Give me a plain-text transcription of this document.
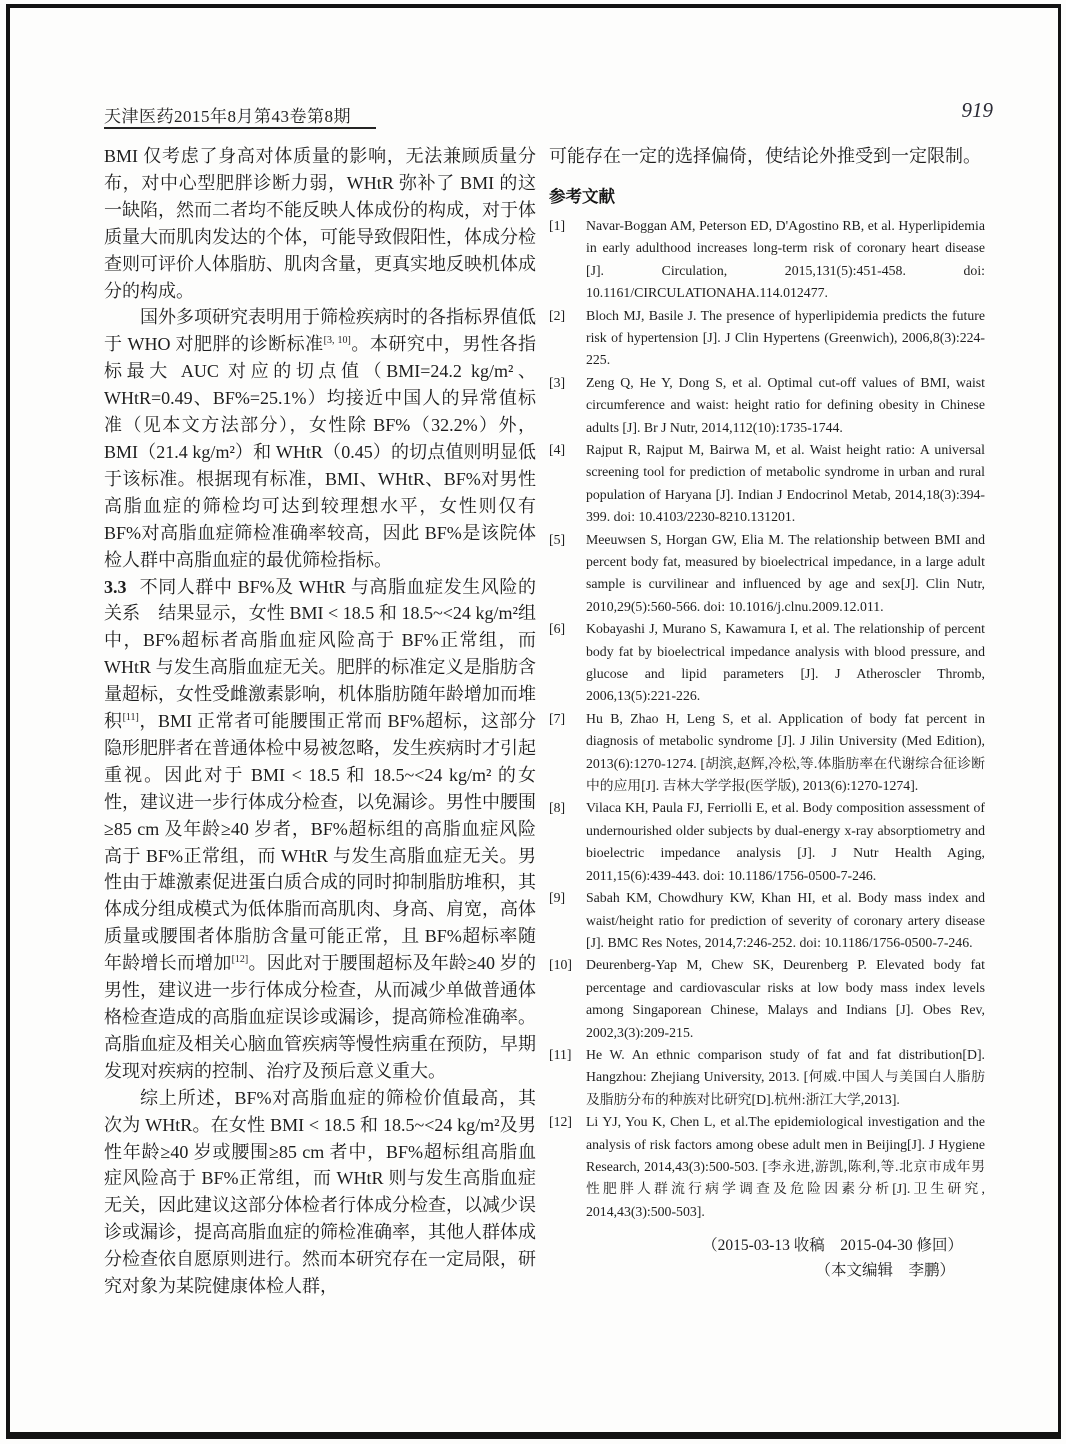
天津医药2015年8月第43卷第8期	919

BMI 仅考虑了身高对体质量的影响，无法兼顾质量分布，对中心型肥胖诊断力弱，WHtR 弥补了 BMI 的这一缺陷，然而二者均不能反映人体成份的构成，对于体质量大而肌肉发达的个体，可能导致假阳性，体成分检查则可评价人体脂肪、肌肉含量，更真实地反映机体成分的构成。

国外多项研究表明用于筛检疾病时的各指标界值低于 WHO 对肥胖的诊断标准[3, 10]。本研究中，男性各指标最大 AUC 对应的切点值（BMI=24.2 kg/m²、WHtR=0.49、BF%=25.1%）均接近中国人的异常值标准（见本文方法部分），女性除 BF%（32.2%）外，BMI（21.4 kg/m²）和 WHtR（0.45）的切点值则明显低于该标准。根据现有标准，BMI、WHtR、BF%对男性高脂血症的筛检均可达到较理想水平，女性则仅有 BF%对高脂血症筛检准确率较高，因此 BF%是该院体检人群中高脂血症的最优筛检指标。

3.3 不同人群中 BF%及 WHtR 与高脂血症发生风险的关系　结果显示，女性 BMI < 18.5 和 18.5~<24 kg/m²组中，BF%超标者高脂血症风险高于 BF%正常组，而 WHtR 与发生高脂血症无关。肥胖的标准定义是脂肪含量超标，女性受雌激素影响，机体脂肪随年龄增加而堆积[11]，BMI 正常者可能腰围正常而 BF%超标，这部分隐形肥胖者在普通体检中易被忽略，发生疾病时才引起重视。因此对于 BMI < 18.5 和 18.5~<24 kg/m² 的女性，建议进一步行体成分检查，以免漏诊。男性中腰围≥85 cm 及年龄≥40 岁者，BF%超标组的高脂血症风险高于 BF%正常组，而 WHtR 与发生高脂血症无关。男性由于雄激素促进蛋白质合成的同时抑制脂肪堆积，其体成分组成模式为低体脂而高肌肉、身高、肩宽，高体质量或腰围者体脂肪含量可能正常，且 BF%超标率随年龄增长而增加[12]。因此对于腰围超标及年龄≥40 岁的男性，建议进一步行体成分检查，从而减少单做普通体格检查造成的高脂血症误诊或漏诊，提高筛检准确率。高脂血症及相关心脑血管疾病等慢性病重在预防，早期发现对疾病的控制、治疗及预后意义重大。

综上所述，BF%对高脂血症的筛检价值最高，其次为 WHtR。在女性 BMI < 18.5 和 18.5~<24 kg/m²及男性年龄≥40 岁或腰围≥85 cm 者中，BF%超标组高脂血症风险高于 BF%正常组，而 WHtR 则与发生高脂血症无关，因此建议这部分体检者行体成分检查，以减少误诊或漏诊，提高高脂血症的筛检准确率，其他人群体成分检查依自愿原则进行。然而本研究存在一定局限，研究对象为某院健康体检人群，

可能存在一定的选择偏倚，使结论外推受到一定限制。

参考文献
[1] Navar-Boggan AM, Peterson ED, D'Agostino RB, et al. Hyperlipidemia in early adulthood increases long-term risk of coronary heart disease [J]. Circulation, 2015,131(5):451-458. doi: 10.1161/CIRCULATIONAHA.114.012477.
[2] Bloch MJ, Basile J. The presence of hyperlipidemia predicts the future risk of hypertension [J]. J Clin Hypertens (Greenwich), 2006,8(3):224-225.
[3] Zeng Q, He Y, Dong S, et al. Optimal cut-off values of BMI, waist circumference and waist: height ratio for defining obesity in Chinese adults [J]. Br J Nutr, 2014,112(10):1735-1744.
[4] Rajput R, Rajput M, Bairwa M, et al. Waist height ratio: A universal screening tool for prediction of metabolic syndrome in urban and rural population of Haryana [J]. Indian J Endocrinol Metab, 2014,18(3):394-399. doi: 10.4103/2230-8210.131201.
[5] Meeuwsen S, Horgan GW, Elia M. The relationship between BMI and percent body fat, measured by bioelectrical impedance, in a large adult sample is curvilinear and influenced by age and sex[J]. Clin Nutr, 2010,29(5):560-566. doi: 10.1016/j.clnu.2009.12.011.
[6] Kobayashi J, Murano S, Kawamura I, et al. The relationship of percent body fat by bioelectrical impedance analysis with blood pressure, and glucose and lipid parameters [J]. J Atheroscler Thromb, 2006,13(5):221-226.
[7] Hu B, Zhao H, Leng S, et al. Application of body fat percent in diagnosis of metabolic syndrome [J]. J Jilin University (Med Edition), 2013(6):1270-1274. [胡滨,赵辉,冷松,等.体脂肪率在代谢综合征诊断中的应用[J]. 吉林大学学报(医学版), 2013(6):1270-1274].
[8] Vilaca KH, Paula FJ, Ferriolli E, et al. Body composition assessment of undernourished older subjects by dual-energy x-ray absorptiometry and bioelectric impedance analysis [J]. J Nutr Health Aging, 2011,15(6):439-443. doi: 10.1186/1756-0500-7-246.
[9] Sabah KM, Chowdhury KW, Khan HI, et al. Body mass index and waist/height ratio for prediction of severity of coronary artery disease [J]. BMC Res Notes, 2014,7:246-252. doi: 10.1186/1756-0500-7-246.
[10] Deurenberg-Yap M, Chew SK, Deurenberg P. Elevated body fat percentage and cardiovascular risks at low body mass index levels among Singaporean Chinese, Malays and Indians [J]. Obes Rev, 2002,3(3):209-215.
[11] He W. An ethnic comparison study of fat and fat distribution[D]. Hangzhou: Zhejiang University, 2013. [何威.中国人与美国白人脂肪及脂肪分布的种族对比研究[D].杭州:浙江大学,2013].
[12] Li YJ, You K, Chen L, et al.The epidemiological investigation and the analysis of risk factors among obese adult men in Beijing[J]. J Hygiene Research, 2014,43(3):500-503. [李永进,游凯,陈利,等.北京市成年男性肥胖人群流行病学调查及危险因素分析[J].卫生研究, 2014,43(3):500-503].

（2015-03-13 收稿　2015-04-30 修回）

（本文编辑　李鹏）
